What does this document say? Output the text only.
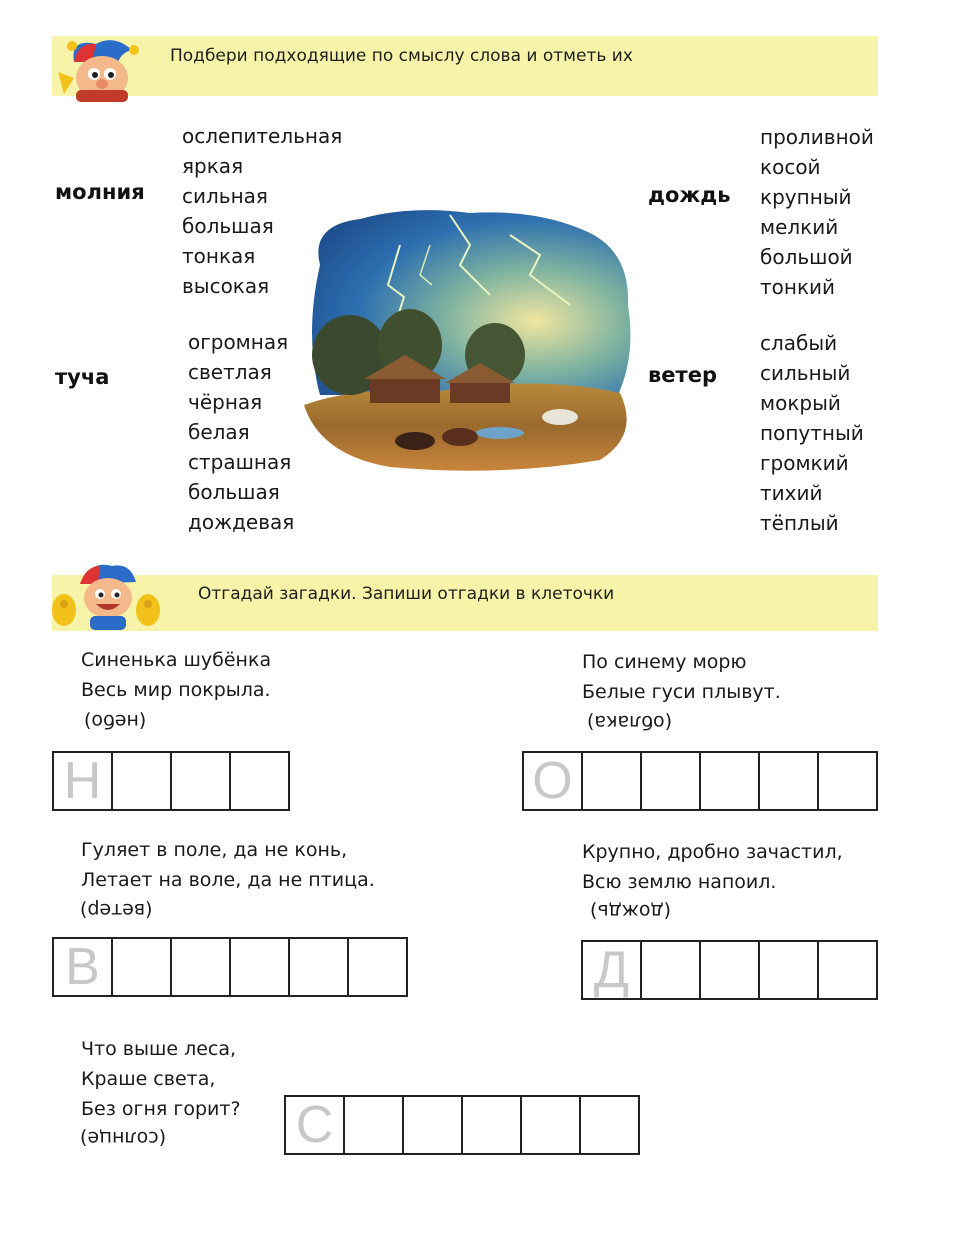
Подбери подходящие по смыслу слова и отметь их
молния
ослепительная
яркая
сильная
большая
тонкая
высокая
туча
огромная
светлая
чёрная
белая
страшная
большая
дождевая
дождь
проливной
косой
крупный
мелкий
большой
тонкий
ветер
слабый
сильный
мокрый
попутный
громкий
тихий
тёплый
Отгадай загадки. Запиши отгадки в клеточки
Синенька шубёнка
Весь мир покрыла.
(небо)
Н
По синему морю
Белые гуси плывут.
(облака)
О
Гуляет в поле, да не конь,
Летает на воле, да не птица.
(ветер)
В
Крупно, дробно зачастил,
Всю землю напоил.
(дождь)
Д
Что выше леса,
Краше света,
Без огня горит?
(солнце) С
